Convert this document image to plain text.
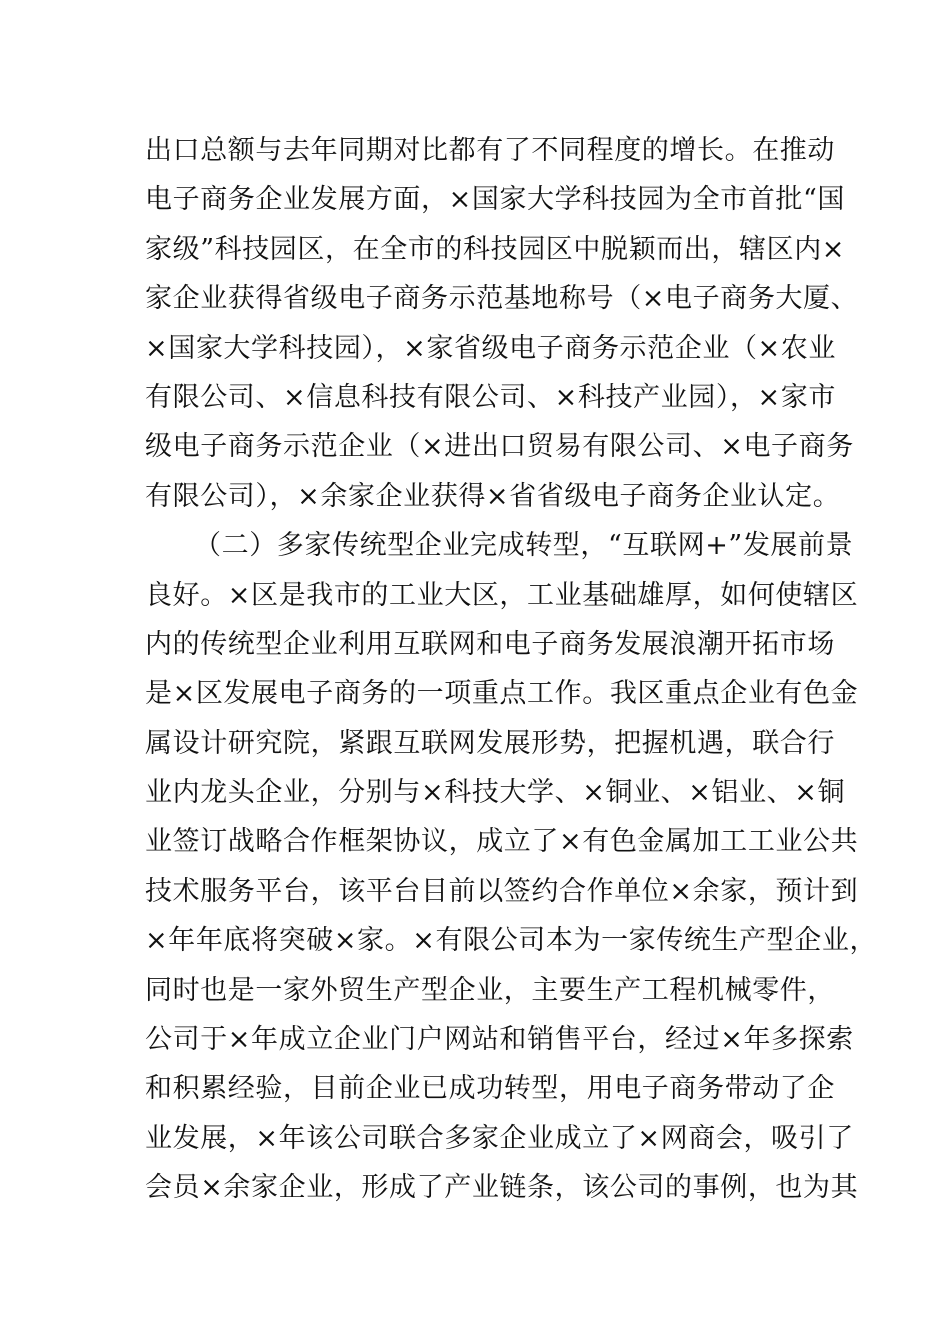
出口总额与去年同期对比都有了不同程度的增长。在推动
电子商务企业发展方面，×国家大学科技园为全市首批“国
家级”科技园区，在全市的科技园区中脱颖而出，辖区内×
家企业获得省级电子商务示范基地称号（×电子商务大厦、
×国家大学科技园），×家省级电子商务示范企业（×农业
有限公司、×信息科技有限公司、×科技产业园），×家市
级电子商务示范企业（×进出口贸易有限公司、×电子商务
有限公司），×余家企业获得×省省级电子商务企业认定。
（二）多家传统型企业完成转型，“互联网+”发展前景
良好。×区是我市的工业大区，工业基础雄厚，如何使辖区
内的传统型企业利用互联网和电子商务发展浪潮开拓市场
是×区发展电子商务的一项重点工作。我区重点企业有色金
属设计研究院，紧跟互联网发展形势，把握机遇，联合行
业内龙头企业，分别与×科技大学、×铜业、×铝业、×铜
业签订战略合作框架协议，成立了×有色金属加工工业公共
技术服务平台，该平台目前以签约合作单位×余家，预计到
×年年底将突破×家。×有限公司本为一家传统生产型企业，
同时也是一家外贸生产型企业，主要生产工程机械零件，
公司于×年成立企业门户网站和销售平台，经过×年多探索
和积累经验，目前企业已成功转型，用电子商务带动了企
业发展，×年该公司联合多家企业成立了×网商会，吸引了
会员×余家企业，形成了产业链条，该公司的事例，也为其
